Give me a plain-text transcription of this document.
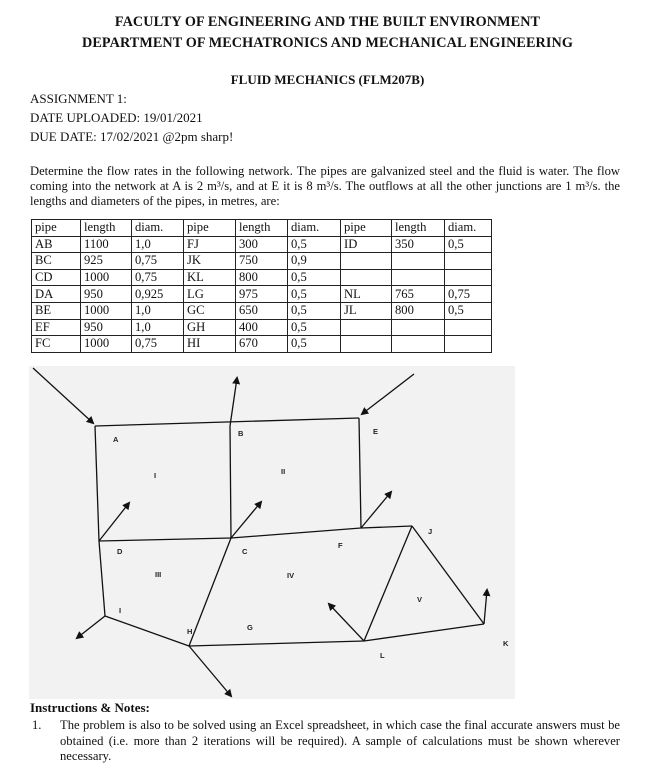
FACULTY OF ENGINEERING AND THE BUILT ENVIRONMENT
DEPARTMENT OF MECHATRONICS AND MECHANICAL ENGINEERING
FLUID MECHANICS (FLM207B)
ASSIGNMENT 1:
DATE UPLOADED: 19/01/2021
DUE DATE: 17/02/2021 @2pm sharp!
Determine the flow rates in the following network. The pipes are galvanized steel and the fluid is water. The flow coming into the network at A is 2 m³/s, and at E it is 8 m³/s. The outflows at all the other junctions are 1 m³/s. the lengths and diameters of the pipes, in metres, are:
pipe	length	diam.	pipe	length	diam.	pipe	length	diam.
AB	1100	1,0	FJ	300	0,5	ID	350	0,5
BC	925	0,75	JK	750	0,9			
CD	1000	0,75	KL	800	0,5			
DA	950	0,925	LG	975	0,5	NL	765	0,75
BE	1000	1,0	GC	650	0,5	JL	800	0,5
EF	950	1,0	GH	400	0,5			
FC	1000	0,75	HI	670	0,5			
A
B	E
D	C
F
J
I
H	G
L
K
I	II
III	IV
V
Instructions & Notes:
1. The problem is also to be solved using an Excel spreadsheet, in which case the final accurate answers must be obtained (i.e. more than 2 iterations will be required). A sample of calculations must be shown wherever necessary.
